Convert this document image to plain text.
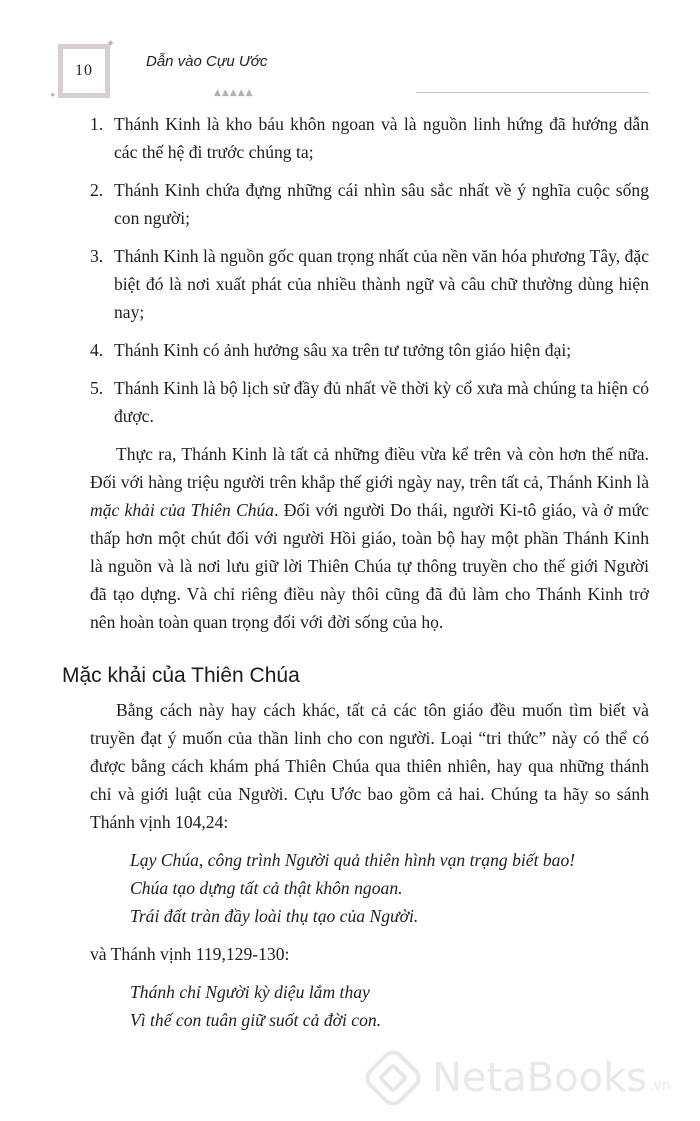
10
✦
✦
Dẫn vào Cựu Ước
▲▲▲▲▲
1. Thánh Kinh là kho báu khôn ngoan và là nguồn linh hứng đã hướng dẫn các thế hệ đi trước chúng ta;
2. Thánh Kinh chứa đựng những cái nhìn sâu sắc nhất về ý nghĩa cuộc sống con người;
3. Thánh Kinh là nguồn gốc quan trọng nhất của nền văn hóa phương Tây, đặc biệt đó là nơi xuất phát của nhiều thành ngữ và câu chữ thường dùng hiện nay;
4. Thánh Kinh có ảnh hưởng sâu xa trên tư tưởng tôn giáo hiện đại;
5. Thánh Kinh là bộ lịch sử đầy đủ nhất về thời kỳ cổ xưa mà chúng ta hiện có được.

Thực ra, Thánh Kinh là tất cả những điều vừa kể trên và còn hơn thế nữa. Đối với hàng triệu người trên khắp thế giới ngày nay, trên tất cả, Thánh Kinh là mặc khải của Thiên Chúa. Đối với người Do thái, người Ki-tô giáo, và ở mức thấp hơn một chút đối với người Hồi giáo, toàn bộ hay một phần Thánh Kinh là nguồn và là nơi lưu giữ lời Thiên Chúa tự thông truyền cho thế giới Người đã tạo dựng. Và chỉ riêng điều này thôi cũng đã đủ làm cho Thánh Kinh trở nên hoàn toàn quan trọng đối với đời sống của họ.

Mặc khải của Thiên Chúa

Bằng cách này hay cách khác, tất cả các tôn giáo đều muốn tìm biết và truyền đạt ý muốn của thần linh cho con người. Loại “tri thức” này có thể có được bằng cách khám phá Thiên Chúa qua thiên nhiên, hay qua những thánh chỉ và giới luật của Người. Cựu Ước bao gồm cả hai. Chúng ta hãy so sánh Thánh vịnh 104,24:

Lạy Chúa, công trình Người quả thiên hình vạn trạng biết bao!
Chúa tạo dựng tất cả thật khôn ngoan.
Trái đất tràn đầy loài thụ tạo của Người.

và Thánh vịnh 119,129-130:

Thánh chỉ Người kỳ diệu lắm thay
Vì thế con tuân giữ suốt cả đời con.
NetaBooks .vn
